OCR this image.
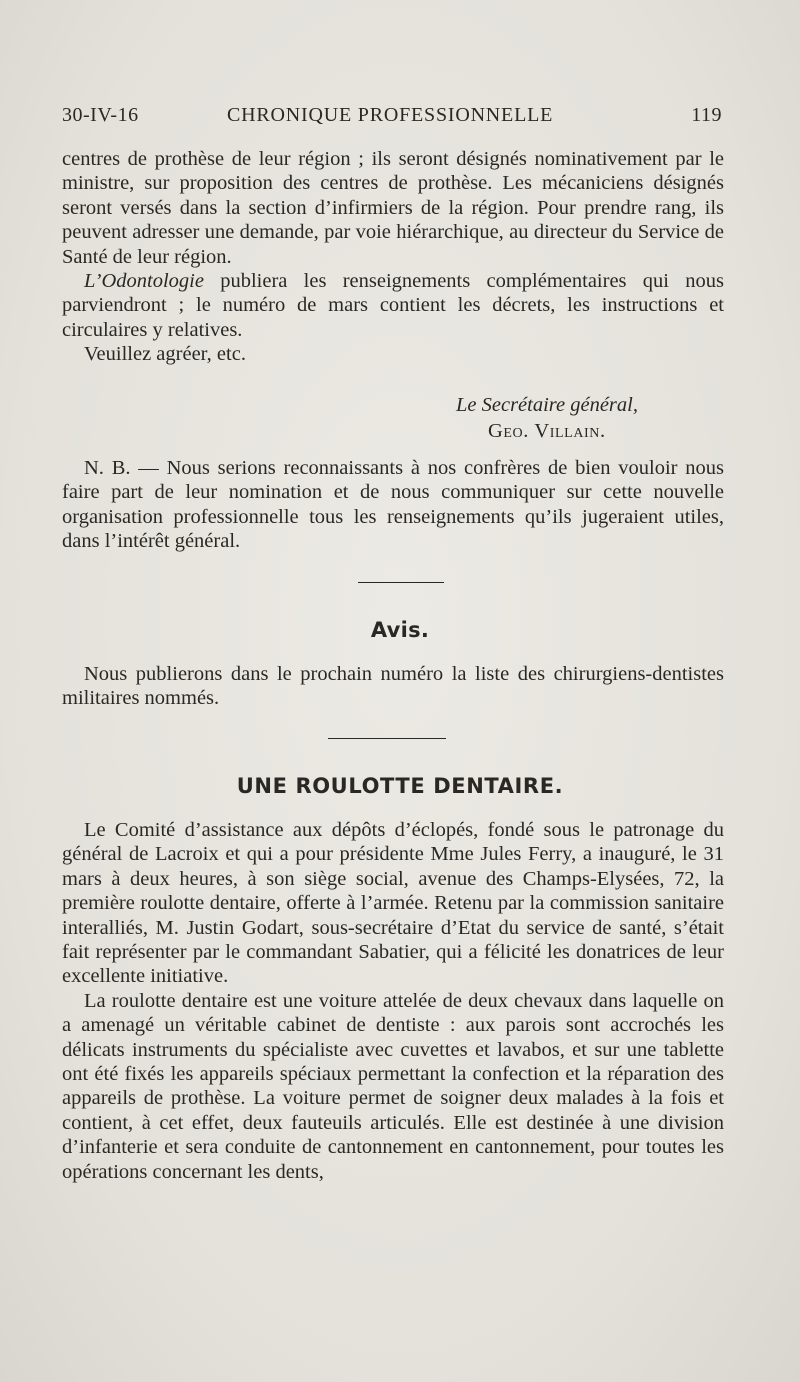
30-IV-16	CHRONIQUE PROFESSIONNELLE	119

centres de prothèse de leur région ; ils seront désignés nominativement par le ministre, sur proposition des centres de prothèse. Les mécaniciens désignés seront versés dans la section d’infirmiers de la région. Pour prendre rang, ils peuvent adresser une demande, par voie hiérarchique, au directeur du Service de Santé de leur région.

L’Odontologie publiera les renseignements complémentaires qui nous parviendront ; le numéro de mars contient les décrets, les instructions et circulaires y relatives.

Veuillez agréer, etc.

Le Secrétaire général,
Geo. Villain.

N. B. — Nous serions reconnaissants à nos confrères de bien vouloir nous faire part de leur nomination et de nous communiquer sur cette nouvelle organisation professionnelle tous les renseignements qu’ils jugeraient utiles, dans l’intérêt général.

Avis.

Nous publierons dans le prochain numéro la liste des chirurgiens-dentistes militaires nommés.

UNE ROULOTTE DENTAIRE.

Le Comité d’assistance aux dépôts d’éclopés, fondé sous le patronage du général de Lacroix et qui a pour présidente Mme Jules Ferry, a inauguré, le 31 mars à deux heures, à son siège social, avenue des Champs-Elysées, 72, la première roulotte dentaire, offerte à l’armée. Retenu par la commission sanitaire interalliés, M. Justin Godart, sous-secrétaire d’Etat du service de santé, s’était fait représenter par le commandant Sabatier, qui a félicité les donatrices de leur excellente initiative.

La roulotte dentaire est une voiture attelée de deux chevaux dans laquelle on a amenagé un véritable cabinet de dentiste : aux parois sont accrochés les délicats instruments du spécialiste avec cuvettes et lavabos, et sur une tablette ont été fixés les appareils spéciaux permettant la confection et la réparation des appareils de prothèse. La voiture permet de soigner deux malades à la fois et contient, à cet effet, deux fauteuils articulés. Elle est destinée à une division d’infanterie et sera conduite de cantonnement en cantonnement, pour toutes les opérations concernant les dents,
